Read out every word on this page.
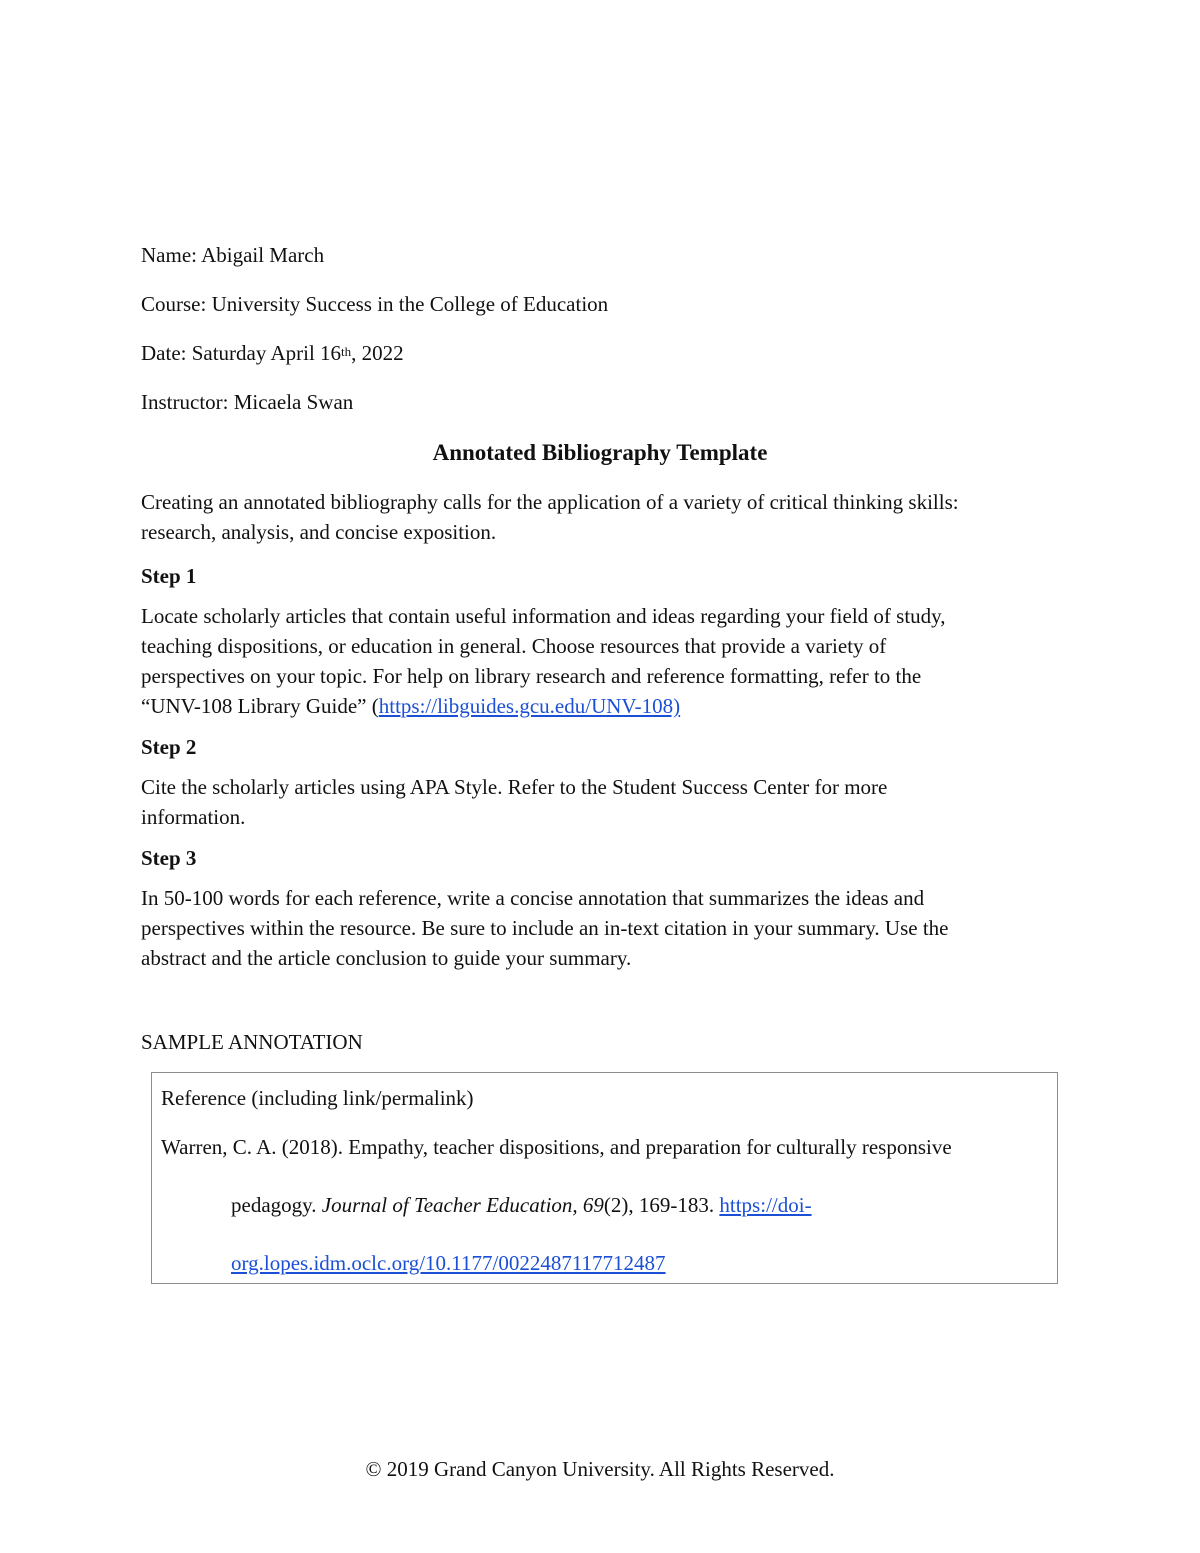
Name: Abigail March
Course: University Success in the College of Education
Date: Saturday April 16th, 2022
Instructor: Micaela Swan
Annotated Bibliography Template
Creating an annotated bibliography calls for the application of a variety of critical thinking skills:
research, analysis, and concise exposition.
Step 1
Locate scholarly articles that contain useful information and ideas regarding your field of study,
teaching dispositions, or education in general. Choose resources that provide a variety of
perspectives on your topic. For help on library research and reference formatting, refer to the
“UNV-108 Library Guide” (https://libguides.gcu.edu/UNV-108)
Step 2
Cite the scholarly articles using APA Style. Refer to the Student Success Center for more
information.
Step 3
In 50-100 words for each reference, write a concise annotation that summarizes the ideas and
perspectives within the resource. Be sure to include an in-text citation in your summary. Use the
abstract and the article conclusion to guide your summary.
SAMPLE ANNOTATION
Reference (including link/permalink)
Warren, C. A. (2018). Empathy, teacher dispositions, and preparation for culturally responsive
pedagogy. Journal of Teacher Education, 69(2), 169-183. https://doi-
org.lopes.idm.oclc.org/10.1177/0022487117712487
© 2019 Grand Canyon University. All Rights Reserved.
